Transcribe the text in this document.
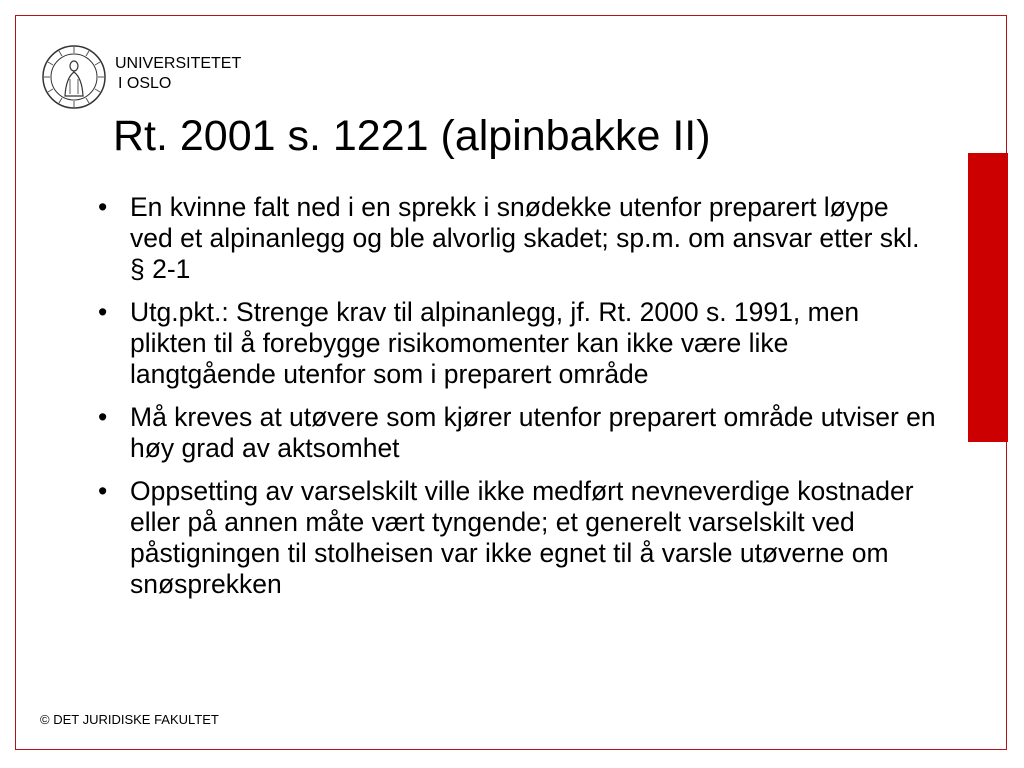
UNIVERSITETET
I OSLO
Rt. 2001 s. 1221 (alpinbakke II)
• En kvinne falt ned i en sprekk i snødekke utenfor preparert løype ved et alpinanlegg og ble alvorlig skadet; sp.m. om ansvar etter skl. § 2-1
• Utg.pkt.: Strenge krav til alpinanlegg, jf. Rt. 2000 s. 1991, men plikten til å forebygge risikomomenter kan ikke være like langtgående utenfor som i preparert område
• Må kreves at utøvere som kjører utenfor preparert område utviser en høy grad av aktsomhet
• Oppsetting av varselskilt ville ikke medført nevneverdige kostnader eller på annen måte vært tyngende; et generelt varselskilt ved påstigningen til stolheisen var ikke egnet til å varsle utøverne om snøsprekken
© DET JURIDISKE FAKULTET
